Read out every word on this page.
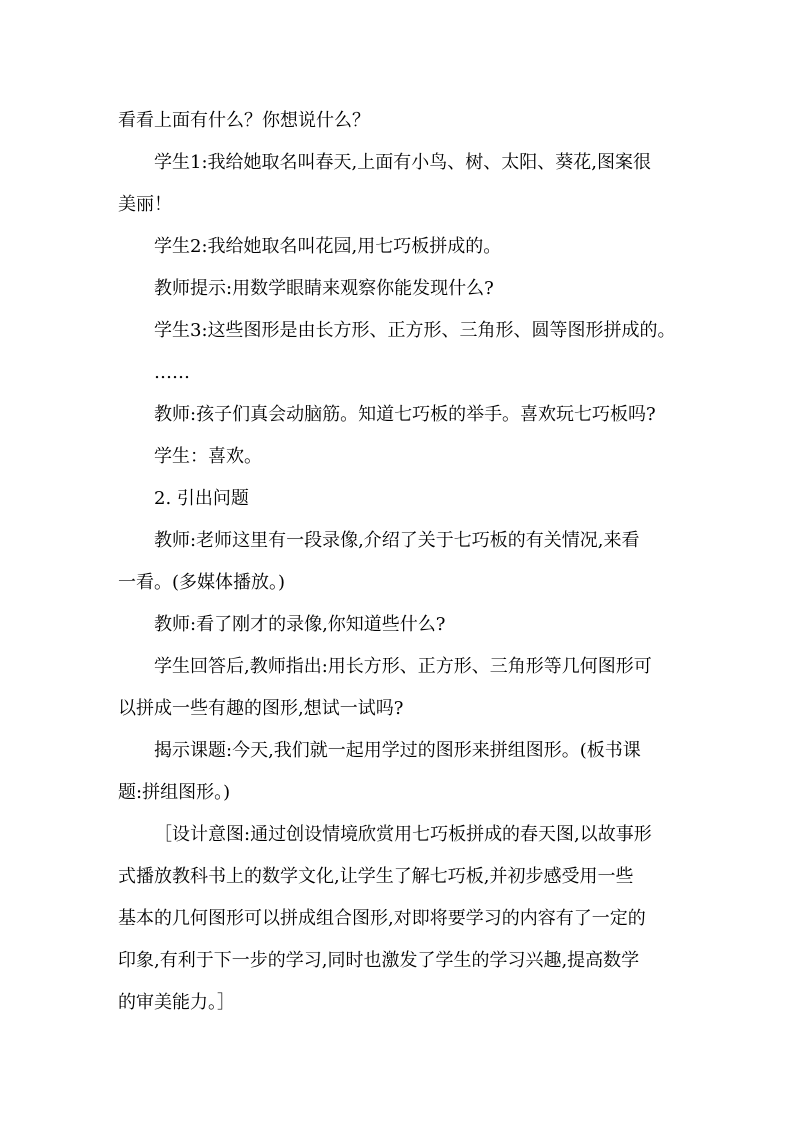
看看上面有什么？你想说什么？

学生1:我给她取名叫春天,上面有小鸟、树、太阳、葵花,图案很
美丽！

学生2:我给她取名叫花园,用七巧板拼成的。

教师提示:用数学眼睛来观察你能发现什么?

学生3:这些图形是由长方形、正方形、三角形、圆等图形拼成的。

……

教师:孩子们真会动脑筋。知道七巧板的举手。喜欢玩七巧板吗?

学生：喜欢。

2. 引出问题

教师:老师这里有一段录像,介绍了关于七巧板的有关情况,来看
一看。(多媒体播放。)

教师:看了刚才的录像,你知道些什么?

学生回答后,教师指出:用长方形、正方形、三角形等几何图形可
以拼成一些有趣的图形,想试一试吗?

揭示课题:今天,我们就一起用学过的图形来拼组图形。(板书课
题:拼组图形。)

［设计意图:通过创设情境欣赏用七巧板拼成的春天图,以故事形
式播放教科书上的数学文化,让学生了解七巧板,并初步感受用一些
基本的几何图形可以拼成组合图形,对即将要学习的内容有了一定的
印象,有利于下一步的学习,同时也激发了学生的学习兴趣,提高数学
的审美能力。］
